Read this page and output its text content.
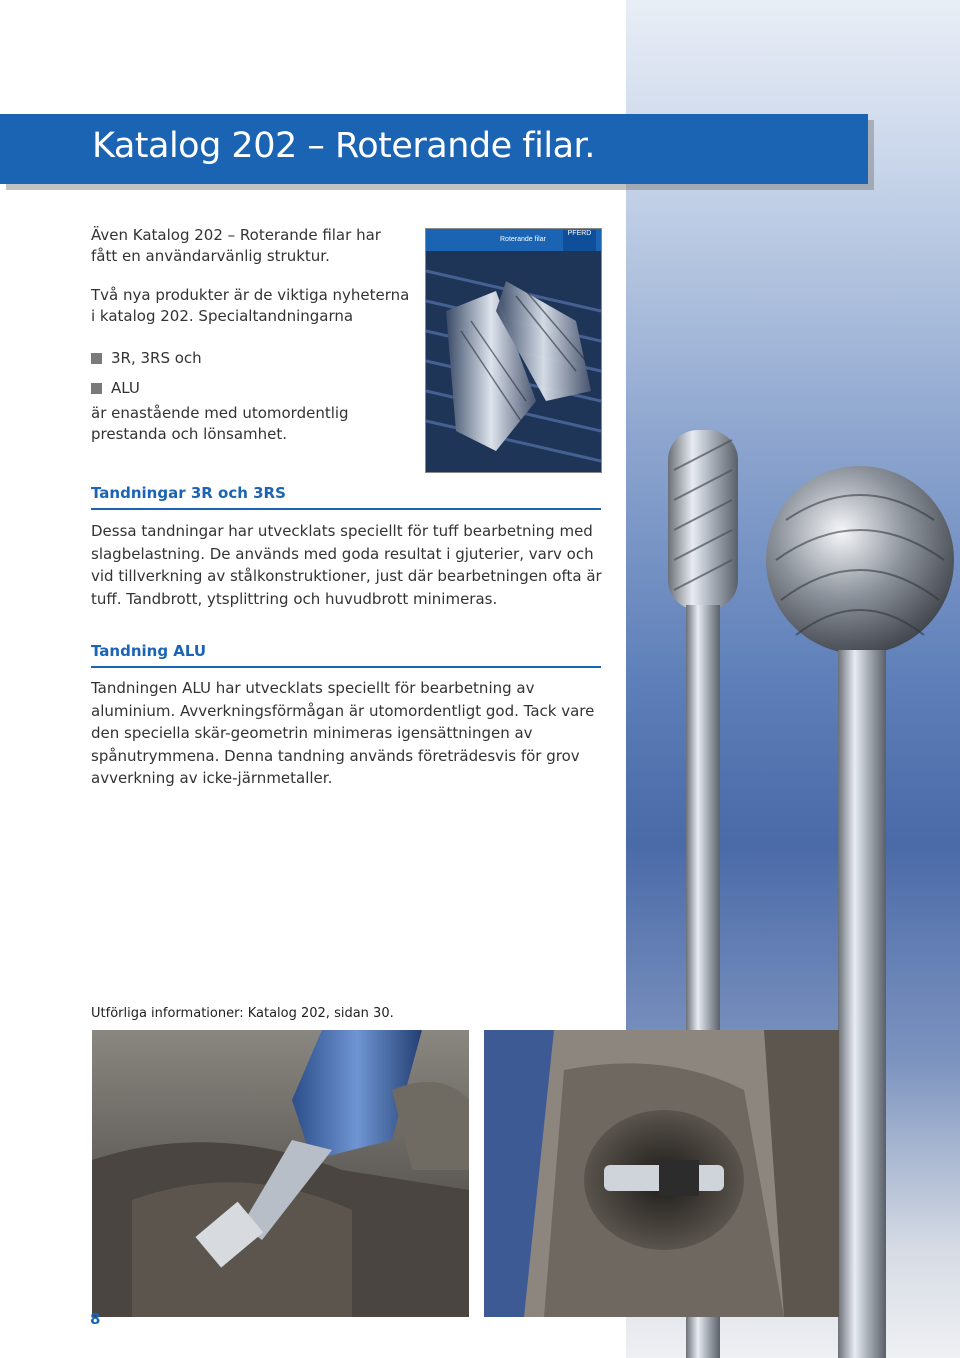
Katalog 202 – Roterande filar.

Även Katalog 202 – Roterande filar har fått en användarvänlig struktur.

Två nya produkter är de viktiga nyheterna i katalog 202. Specialtandningarna

3R, 3RS och
ALU
är enastående med utomordentlig prestanda och lönsamhet.
Roterande filar
PFERD
Tandningar 3R och 3RS
Dessa tandningar har utvecklats speciellt för tuff bearbetning med slagbelastning. De används med goda resultat i gjuterier, varv och vid tillverkning av stålkonstruktioner, just där bearbetningen ofta är tuff. Tandbrott, ytsplittring och huvudbrott minimeras.
Tandning ALU
Tandningen ALU har utvecklats speciellt för bearbetning av aluminium. Avverkningsförmågan är utomordentligt god. Tack vare den speciella skär-geometrin minimeras igensättningen av spånutrymmena. Denna tandning används företrädesvis för grov avverkning av icke-järnmetaller.
Utförliga informationer: Katalog 202, sidan 30.
8
